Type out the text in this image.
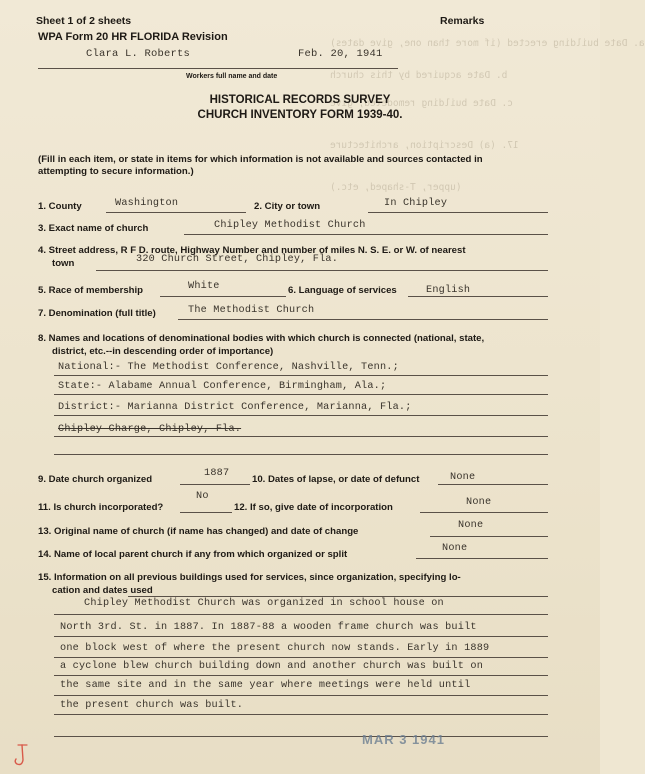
a. Date building erected (if more than one, give dates)
b. Date acquired by this church
c. Date building remodeled, give
17. (a) Description, architecture
(upper, T-shaped, etc.)
Sheet 1 of 2 sheets	Remarks
WPA Form 20 HR FLORIDA Revision
Clara L. Roberts	Feb. 20, 1941
Workers full name and date
HISTORICAL RECORDS SURVEY
CHURCH INVENTORY FORM 1939-40.
(Fill in each item, or state in items for which information is not available and sources contacted in
attempting to secure information.)
1. County	Washington	2. City or town	In Chipley
3. Exact name of church	Chipley Methodist Church
4. Street address, R F D. route, Highway Number and number of miles N. S. E. or W. of nearest
town	320 Church Street, Chipley, Fla.
5. Race of membership	White	6. Language of services	English
7. Denomination (full title)	The Methodist Church
8. Names and locations of denominational bodies with which church is connected (national, state,
district, etc.--in descending order of importance)
National:- The Methodist Conference, Nashville, Tenn.;
State:- Alabame Annual Conference, Birmingham, Ala.;
District:- Marianna District Conference, Marianna, Fla.;
Chipley Charge, Chipley, Fla.
9. Date church organized
1887
10. Dates of lapse, or date of defunct	None
11. Is church incorporated?
No
12. If so, give date of incorporation	None
13. Original name of church (if name has changed) and date of change
None
14. Name of local parent church if any from which organized or split
None
15. Information on all previous buildings used for services, since organization, specifying lo-
cation and dates used
Chipley Methodist Church was organized in school house on
North 3rd. St. in 1887. In 1887-88 a wooden frame church was built
one block west of where the present church now stands. Early in 1889
a cyclone blew church building down and another church was built on
the same site and in the same year where meetings were held until
the present church was built.
MAR 3 1941
